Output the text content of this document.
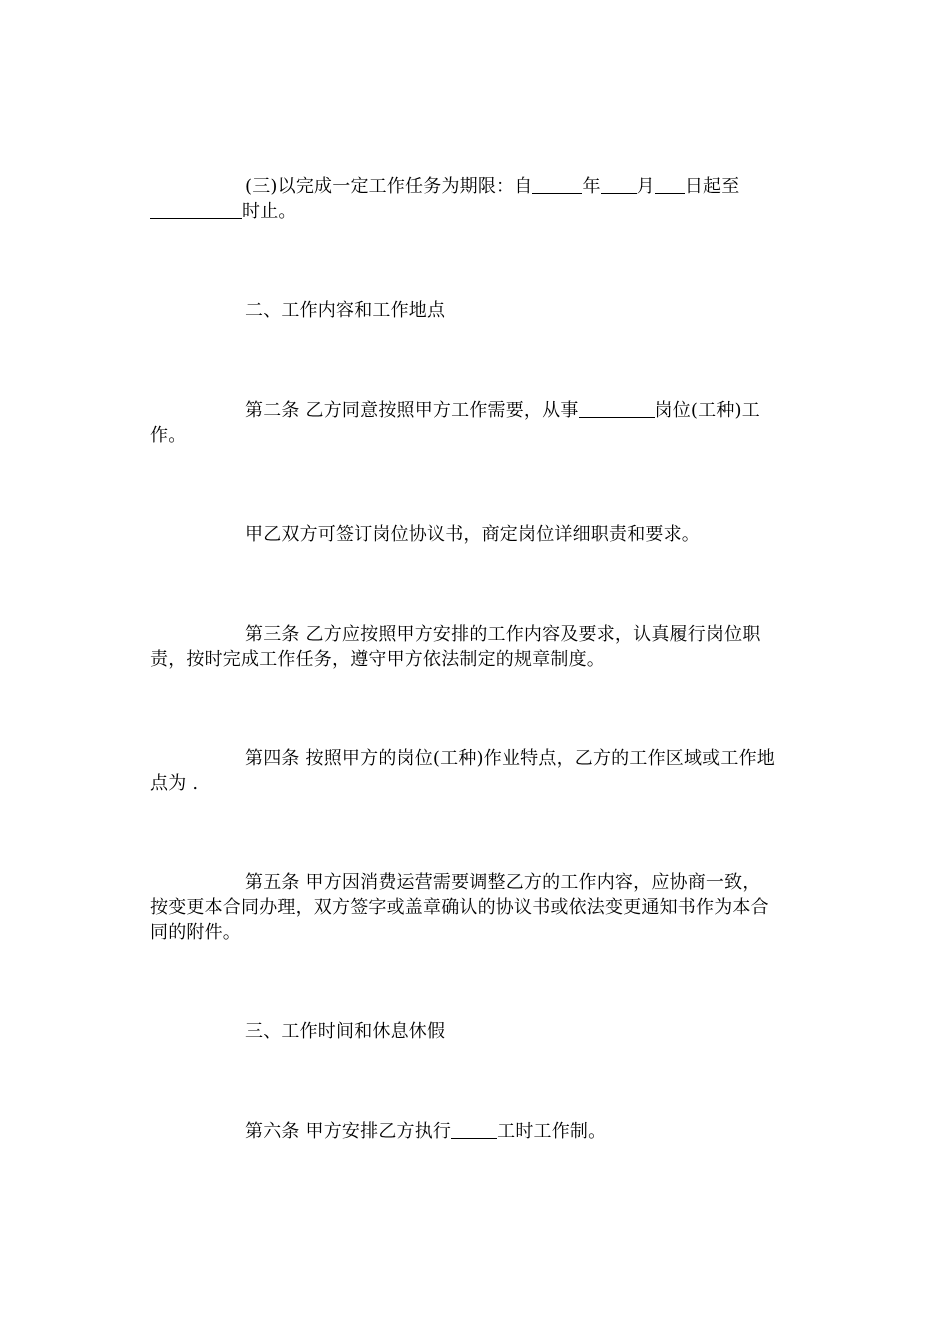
(三)以完成一定工作任务为期限：自	年 月 日起至
时止。
二、工作内容和工作地点
第二条 乙方同意按照甲方工作需要，从事	岗位(工种)工
作。
甲乙双方可签订岗位协议书，商定岗位详细职责和要求。
第三条 乙方应按照甲方安排的工作内容及要求，认真履行岗位职
责，按时完成工作任务，遵守甲方依法制定的规章制度。
第四条 按照甲方的岗位(工种)作业特点，乙方的工作区域或工作地
点为 .
第五条 甲方因消费运营需要调整乙方的工作内容，应协商一致，
按变更本合同办理，双方签字或盖章确认的协议书或依法变更通知书作为本合
同的附件。
三、工作时间和休息休假
第六条 甲方安排乙方执行	工时工作制。
